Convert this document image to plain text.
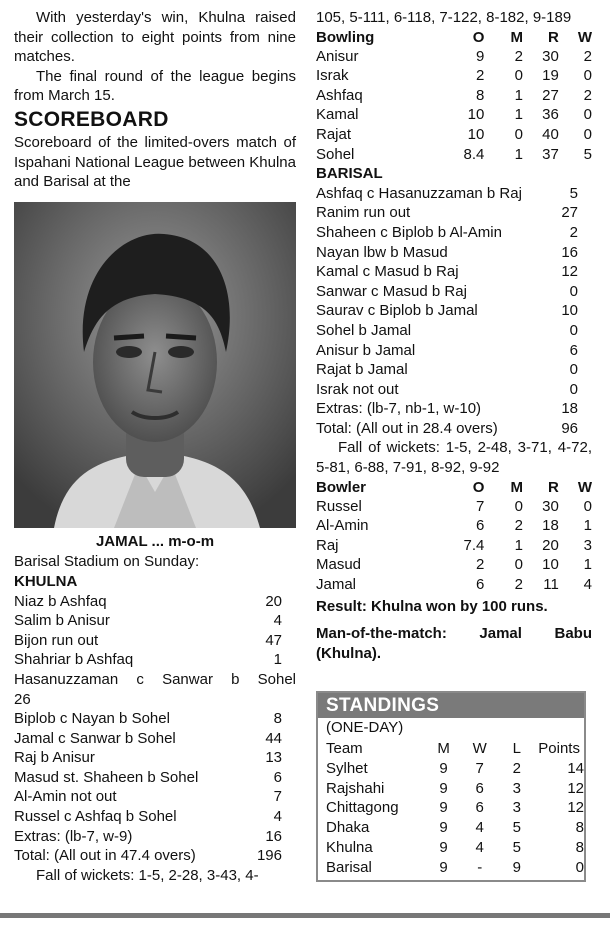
With yesterday's win, Khulna raised their collection to eight points from nine matches.

The final round of the league begins from March 15.

SCOREBOARD

Scoreboard of the limited-overs match of Ispahani National League between Khulna and Barisal at the

JAMAL ... m-o-m

Barisal Stadium on Sunday:

KHULNA
Niaz b Ashfaq	20
Salim b Anisur	4
Bijon run out	47
Shahriar b Ashfaq	1
Hasanuzzaman c Sanwar b Sohel
26
Biplob c Nayan b Sohel	8
Jamal c Sanwar b Sohel	44
Raj b Anisur	13
Masud st. Shaheen b Sohel	6
Al-Amin not out	7
Russel c Ashfaq b Sohel	4
Extras: (lb-7, w-9)	16
Total: (All out in 47.4 overs)	196

Fall of wickets: 1-5, 2-28, 3-43, 4-

105, 5-111, 6-118, 7-122, 8-182, 9-189

Bowling	O	M	R	W
Anisur	9	2	30	2
Israk	2	0	19	0
Ashfaq	8	1	27	2
Kamal	10	1	36	0
Rajat	10	0	40	0
Sohel	8.4	1	37	5
BARISAL
Ashfaq c Hasanuzzaman b Raj	5
Ranim run out	27
Shaheen c Biplob b Al-Amin	2
Nayan lbw b Masud	16
Kamal c Masud b Raj	12
Sanwar c Masud b Raj	0
Saurav c Biplob b Jamal	10
Sohel b Jamal	0
Anisur b Jamal	6
Rajat b Jamal	0
Israk not out	0
Extras: (lb-7, nb-1, w-10)	18
Total: (All out in 28.4 overs)	96

Fall of wickets: 1-5, 2-48, 3-71, 4-72, 5-81, 6-88, 7-91, 8-92, 9-92

Bowler	O	M	R	W
Russel	7	0	30	0
Al-Amin	6	2	18	1
Raj	7.4	1	20	3
Masud	2	0	10	1
Jamal	6	2	11	4

Result: Khulna won by 100 runs.

Man-of-the-match: Jamal Babu (Khulna).

STANDINGS
(ONE-DAY)
Team	M	W	L	Points
Sylhet	9	7	2	14
Rajshahi	9	6	3	12
Chittagong	9	6	3	12
Dhaka	9	4	5	8
Khulna	9	4	5	8
Barisal	9	-	9	0
